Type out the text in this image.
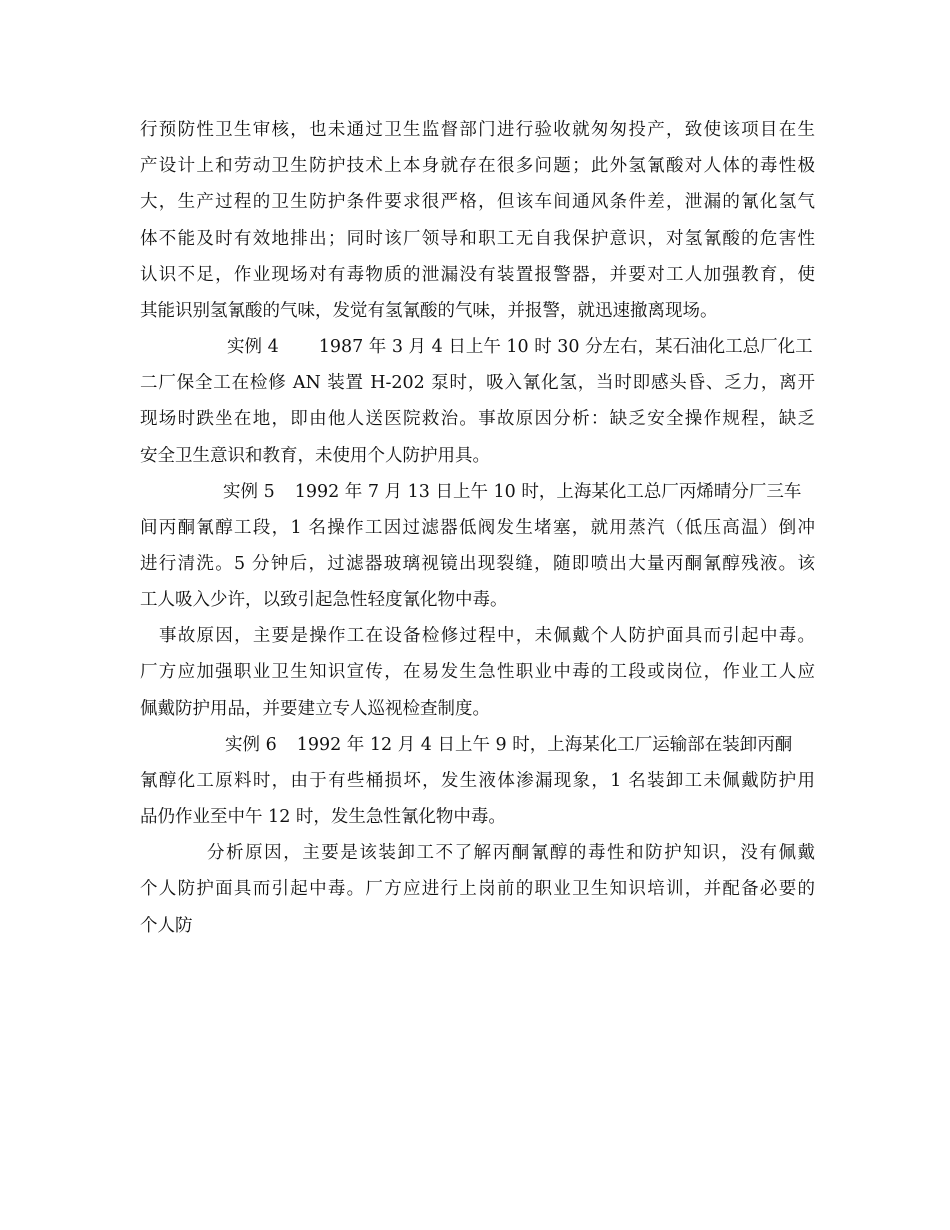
行预防性卫生审核，也未通过卫生监督部门进行验收就匆匆投产，致使该项目在生
产设计上和劳动卫生防护技术上本身就存在很多问题；此外氢氰酸对人体的毒性极
大，生产过程的卫生防护条件要求很严格，但该车间通风条件差，泄漏的氰化氢气
体不能及时有效地排出；同时该厂领导和职工无自我保护意识，对氢氰酸的危害性
认识不足，作业现场对有毒物质的泄漏没有装置报警器，并要对工人加强教育，使
其能识别氢氰酸的气味，发觉有氢氰酸的气味，并报警，就迅速撤离现场。
实例 4 1987 年 3 月 4 日上午 10 时 30 分左右，某石油化工总厂化工
二厂保全工在检修 AN 装置 H-202 泵时，吸入氰化氢，当时即感头昏、乏力，离开
现场时跌坐在地，即由他人送医院救治。事故原因分析：缺乏安全操作规程，缺乏
安全卫生意识和教育，未使用个人防护用具。
实例 5 1992 年 7 月 13 日上午 10 时，上海某化工总厂丙烯晴分厂三车
间丙酮氰醇工段，1 名操作工因过滤器低阀发生堵塞，就用蒸汽（低压高温）倒冲
进行清洗。5 分钟后，过滤器玻璃视镜出现裂缝，随即喷出大量丙酮氰醇残液。该
工人吸入少许，以致引起急性轻度氰化物中毒。
事故原因，主要是操作工在设备检修过程中，未佩戴个人防护面具而引起中毒。
厂方应加强职业卫生知识宣传，在易发生急性职业中毒的工段或岗位，作业工人应
佩戴防护用品，并要建立专人巡视检查制度。
实例 6 1992 年 12 月 4 日上午 9 时，上海某化工厂运输部在装卸丙酮
氰醇化工原料时，由于有些桶损坏，发生液体渗漏现象，1 名装卸工未佩戴防护用
品仍作业至中午 12 时，发生急性氰化物中毒。
分析原因，主要是该装卸工不了解丙酮氰醇的毒性和防护知识，没有佩戴
个人防护面具而引起中毒。厂方应进行上岗前的职业卫生知识培训，并配备必要的
个人防
